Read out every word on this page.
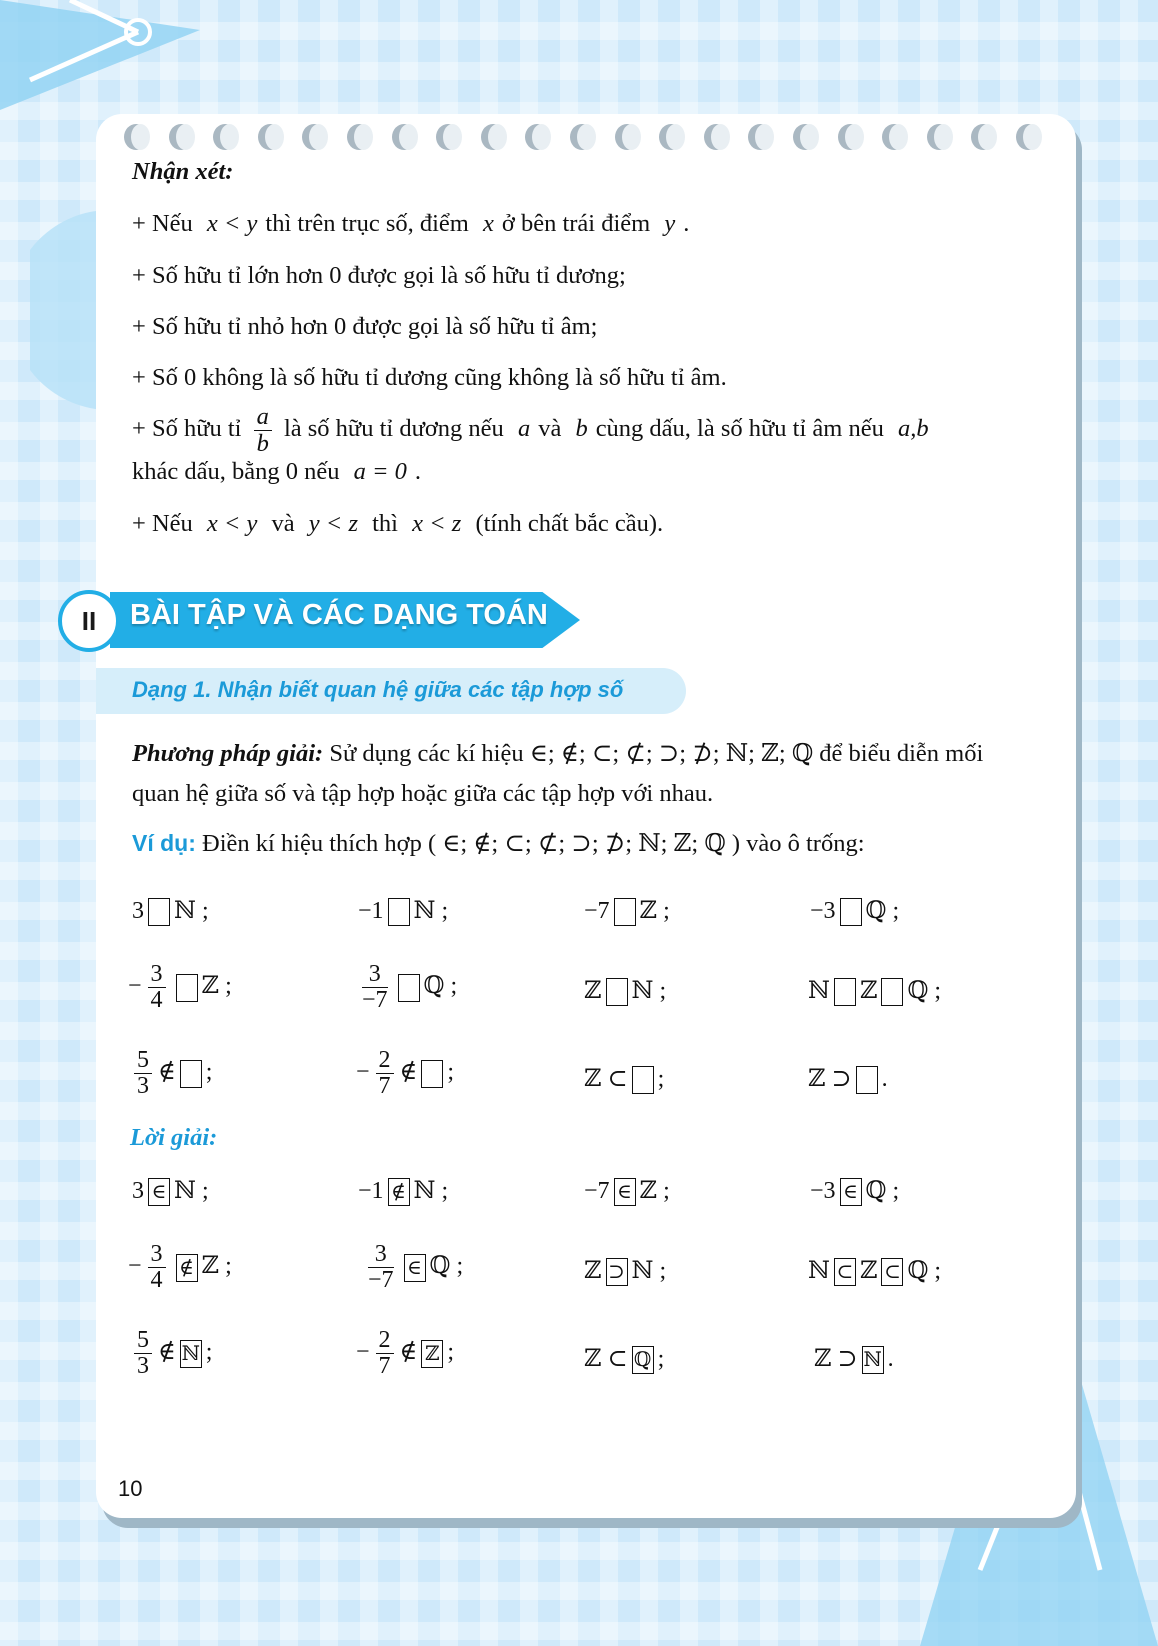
Nhận xét:
+ Nếu x < y thì trên trục số, điểm x ở bên trái điểm y .
+ Số hữu tỉ lớn hơn 0 được gọi là số hữu tỉ dương;
+ Số hữu tỉ nhỏ hơn 0 được gọi là số hữu tỉ âm;
+ Số 0 không là số hữu tỉ dương cũng không là số hữu tỉ âm.
+ Số hữu tỉ $\frac{a}{b}$ là số hữu tỉ dương nếu a và b cùng dấu, là số hữu tỉ âm nếu a,b
khác dấu, bằng 0 nếu a = 0 .
+ Nếu x < y và y < z thì x < z (tính chất bắc cầu).
II	BÀI TẬP VÀ CÁC DẠNG TOÁN
Dạng 1. Nhận biết quan hệ giữa các tập hợp số
Phương pháp giải: Sử dụng các kí hiệu ∈; ∉; ⊂; ⊄; ⊃; ⊅; ℕ; ℤ; ℚ để biểu diễn mối
quan hệ giữa số và tập hợp hoặc giữa các tập hợp với nhau.
Ví dụ: Điền kí hiệu thích hợp ( ∈; ∉; ⊂; ⊄; ⊃; ⊅; ℕ; ℤ; ℚ ) vào ô trống:
3 ℕ ;	−1 ℕ ;	−7 ℤ ;	−3 ℚ ;
− $\frac{3}{4}$ ℤ ;	$\frac{3}{-7}$ ℚ ;	ℤ ℕ ;	ℕ ℤ ℚ ;
$\frac{5}{3}$ ∉ ;	− $\frac{2}{7}$ ∉ ;	ℤ ⊂ ;	ℤ ⊃ .
Lời giải:
3 ∈ ℕ ;	−1 ∉ ℕ ;	−7 ∈ ℤ ;	−3 ∈ ℚ ;
− $\frac{3}{4}$ ∉ ℤ ;	$\frac{3}{-7}$ ∈ ℚ ;	ℤ ⊃ ℕ ;	ℕ ⊂ ℤ ⊂ ℚ ;
$\frac{5}{3}$ ∉ ℕ ;	− $\frac{2}{7}$ ∉ ℤ ;	ℤ ⊂ ℚ ;	ℤ ⊃ ℕ .
10
